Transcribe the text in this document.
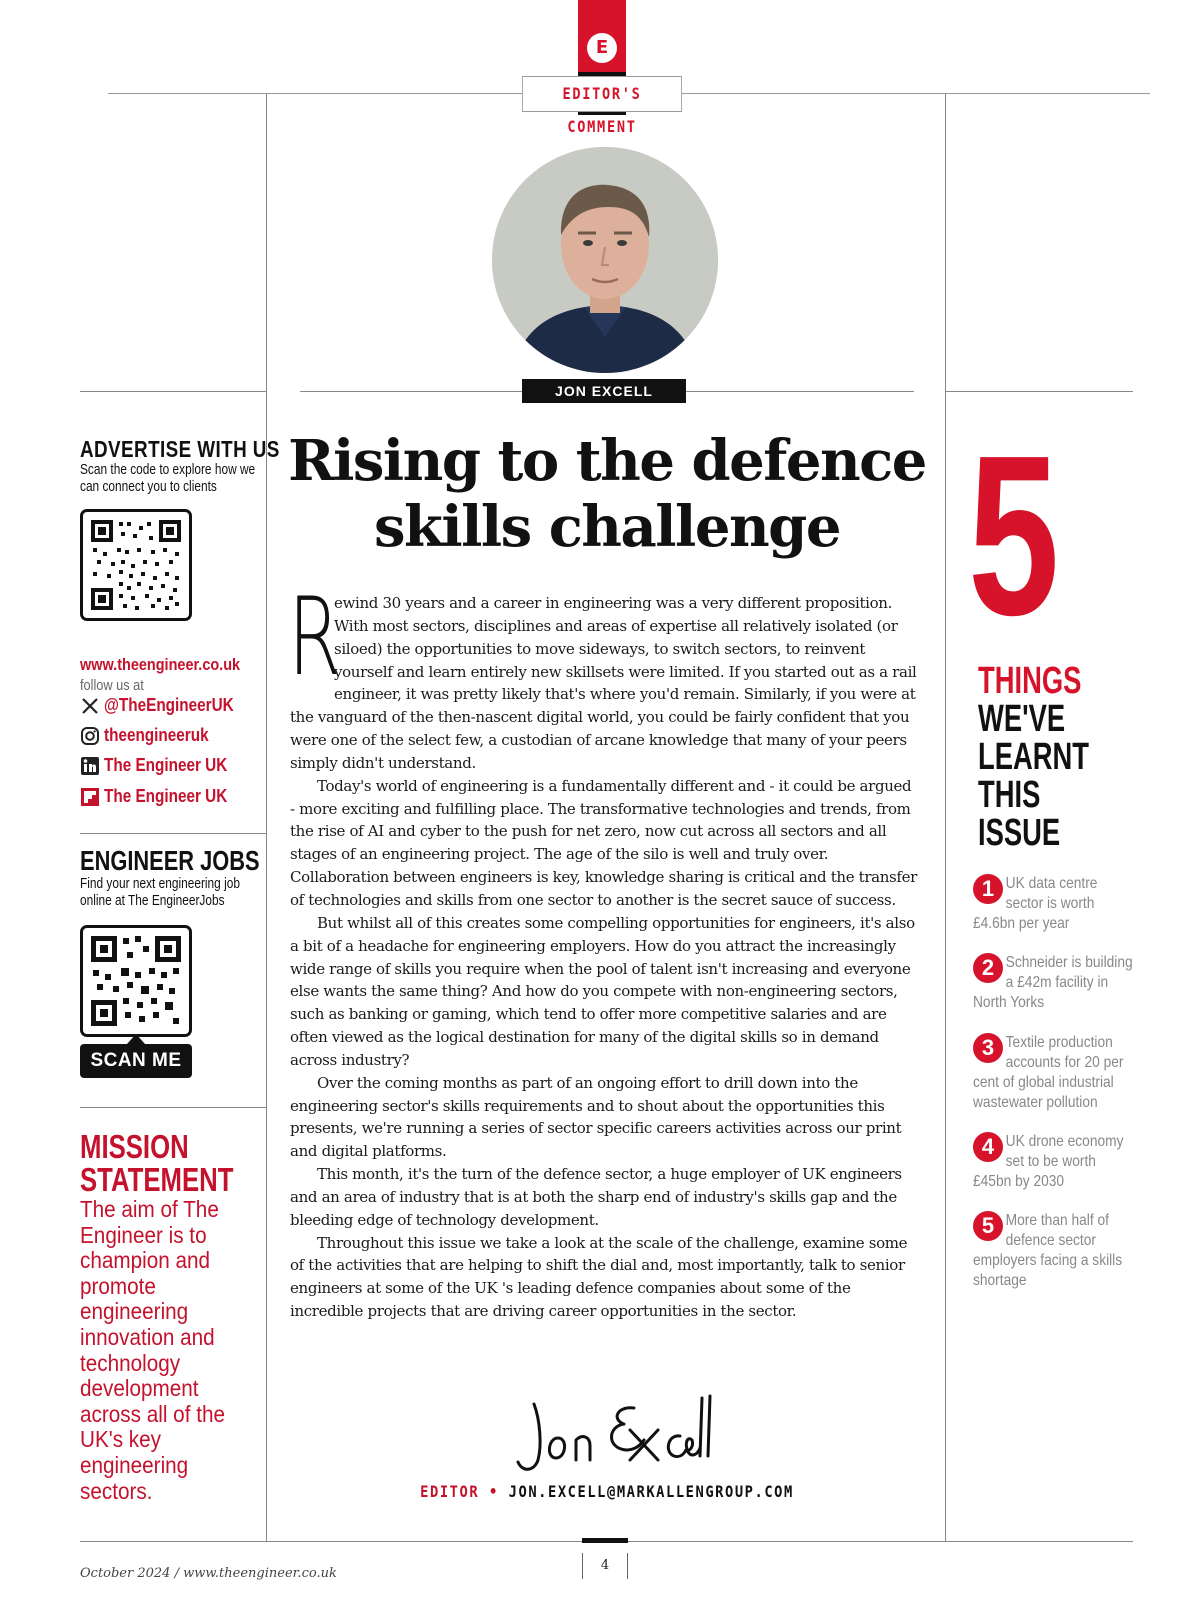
E
EDITOR'S COMMENT
JON EXCELL
ADVERTISE WITH US
Scan the code to explore how we can connect you to clients
www.theengineer.co.uk
follow us at
@TheEngineerUK
theengineeruk
The Engineer UK
The Engineer UK
ENGINEER JOBS
Find your next engineering job online at The EngineerJobs
SCAN ME
MISSION STATEMENT
The aim of The Engineer is to champion and promote engineering innovation and technology development across all of the UK's key engineering sectors.
Rising to the defence skills challenge

R
ewind 30 years and a career in engineering was a very different proposition. With most sectors, disciplines and areas of expertise all relatively isolated (or siloed) the opportunities to move sideways, to switch sectors, to reinvent yourself and learn entirely new skillsets were limited. If you started out as a rail engineer, it was pretty likely that's where you'd remain. Similarly, if you were at the vanguard of the then-nascent digital world, you could be fairly confident that you were one of the select few, a custodian of arcane knowledge that many of your peers simply didn't understand.

Today's world of engineering is a fundamentally different and - it could be argued - more exciting and fulfilling place. The transformative technologies and trends, from the rise of AI and cyber to the push for net zero, now cut across all sectors and all stages of an engineering project. The age of the silo is well and truly over. Collaboration between engineers is key, knowledge sharing is critical and the transfer of technologies and skills from one sector to another is the secret sauce of success.

But whilst all of this creates some compelling opportunities for engineers, it's also a bit of a headache for engineering employers. How do you attract the increasingly wide range of skills you require when the pool of talent isn't increasing and everyone else wants the same thing? And how do you compete with non-engineering sectors, such as banking or gaming, which tend to offer more competitive salaries and are often viewed as the logical destination for many of the digital skills so in demand across industry?

Over the coming months as part of an ongoing effort to drill down into the engineering sector's skills requirements and to shout about the opportunities this presents, we're running a series of sector specific careers activities across our print and digital platforms.

This month, it's the turn of the defence sector, a huge employer of UK engineers and an area of industry that is at both the sharp end of industry's skills gap and the bleeding edge of technology development.

Throughout this issue we take a look at the scale of the challenge, examine some of the activities that are helping to shift the dial and, most importantly, talk to senior engineers at some of the UK 's leading defence companies about some of the incredible projects that are driving career opportunities in the sector.

EDITOR • JON.EXCELL@MARKALLENGROUP.COM
5
THINGS
WE'VE LEARNT THIS ISSUE
1 UK data centre sector is worth £4.6bn per year
2 Schneider is building a £42m facility in North Yorks
3 Textile production accounts for 20 per cent of global industrial wastewater pollution
4 UK drone economy set to be worth £45bn by 2030
5 More than half of defence sector employers facing a skills shortage
October 2024 / www.theengineer.co.uk
4
